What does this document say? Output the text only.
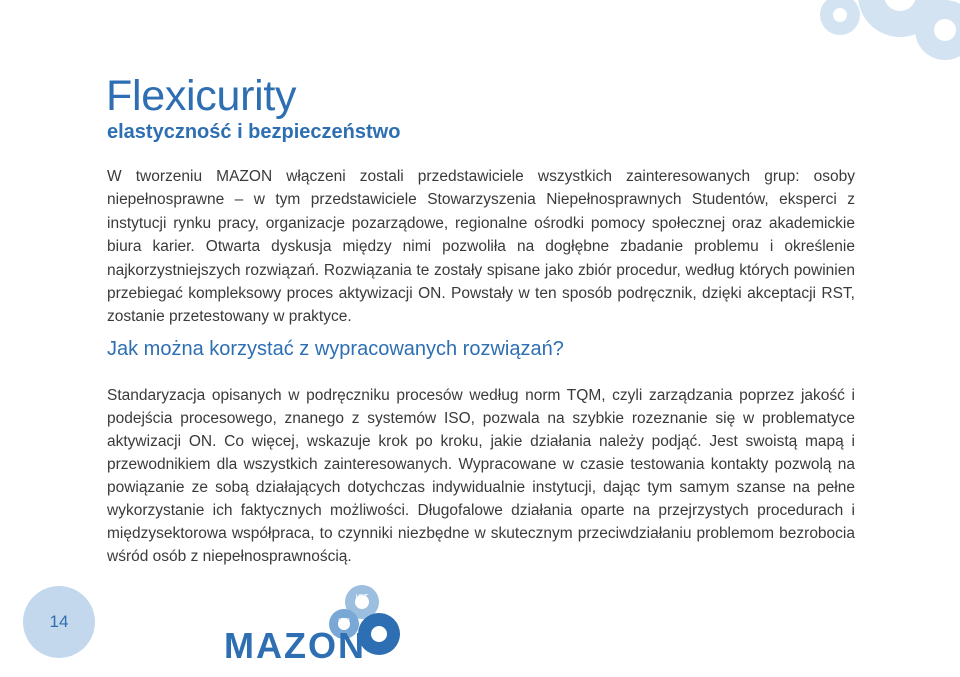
Flexicurity
elastyczność i bezpieczeństwo

W tworzeniu MAZON włączeni zostali przedstawiciele wszystkich zainteresowanych grup: osoby niepełnosprawne – w tym przedstawiciele Stowarzyszenia Niepełnosprawnych Studentów, eksperci z instytucji rynku pracy, organizacje pozarządowe, regionalne ośrodki pomocy społecznej oraz akademickie biura karier. Otwarta dyskusja między nimi pozwoliła na dogłębne zbadanie problemu i określenie najkorzystniejszych rozwiązań. Rozwiązania te zostały spisane jako zbiór procedur, według których powinien przebiegać kompleksowy proces aktywizacji ON. Powstały w ten sposób podręcznik, dzięki akceptacji RST, zostanie przetestowany w praktyce.

Jak można korzystać z wypracowanych rozwiązań?

Standaryzacja opisanych w podręczniku procesów według norm TQM, czyli zarządzania poprzez jakość i podejścia procesowego, znanego z systemów ISO, pozwala na szybkie rozeznanie się w problematyce aktywizacji ON. Co więcej, wskazuje krok po kroku, jakie działania należy podjąć. Jest swoistą mapą i przewodnikiem dla wszystkich zainteresowanych. Wypracowane w czasie testowania kontakty pozwolą na powiązanie ze sobą działających dotychczas indywidualnie instytucji, dając tym samym szanse na pełne wykorzystanie ich faktycznych możliwości. Długofalowe działania oparte na przejrzystych procedurach i międzysektorowa współpraca, to czynniki niezbędne w skutecznym przeciwdziałaniu problemom bezrobocia wśród osób z niepełnosprawnością.

14
ICT
IRP
ON
MAZON
